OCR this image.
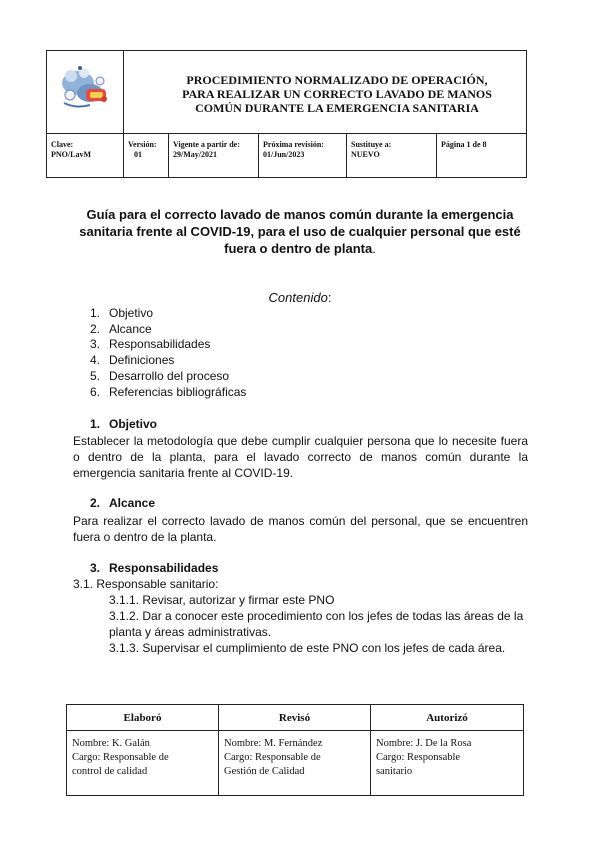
PROCEDIMIENTO NORMALIZADO DE OPERACIÓN,
PARA REALIZAR UN CORRECTO LAVADO DE MANOS
COMÚN DURANTE LA EMERGENCIA SANITARIA
Clave:
PNO/LavM
Versión:
01
Vigente a partir de:
29/May/2021
Próxima revisión:
01/Jun/2023
Sustituye a:
NUEVO
Página 1 de 8
Guía para el correcto lavado de manos común durante la emergencia
sanitaria frente al COVID-19, para el uso de cualquier personal que esté
fuera o dentro de planta.
Contenido:
1. Objetivo
2. Alcance
3. Responsabilidades
4. Definiciones
5. Desarrollo del proceso
6. Referencias bibliográficas
1. Objetivo
Establecer la metodología que debe cumplir cualquier persona que lo necesite fuera
o dentro de la planta, para el lavado correcto de manos común durante la
emergencia sanitaria frente al COVID-19.
2. Alcance
Para realizar el correcto lavado de manos común del personal, que se encuentren
fuera o dentro de la planta.
3. Responsabilidades
3.1. Responsable sanitario:
3.1.1. Revisar, autorizar y firmar este PNO
3.1.2. Dar a conocer este procedimiento con los jefes de todas las áreas de la
planta y áreas administrativas.
3.1.3. Supervisar el cumplimiento de este PNO con los jefes de cada área.
Elaboró
Nombre: K. Galán
Cargo: Responsable de
control de calidad
Revisó
Nombre: M. Fernández
Cargo: Responsable de
Gestión de Calidad
Autorizó
Nombre: J. De la Rosa
Cargo: Responsable
sanitario
